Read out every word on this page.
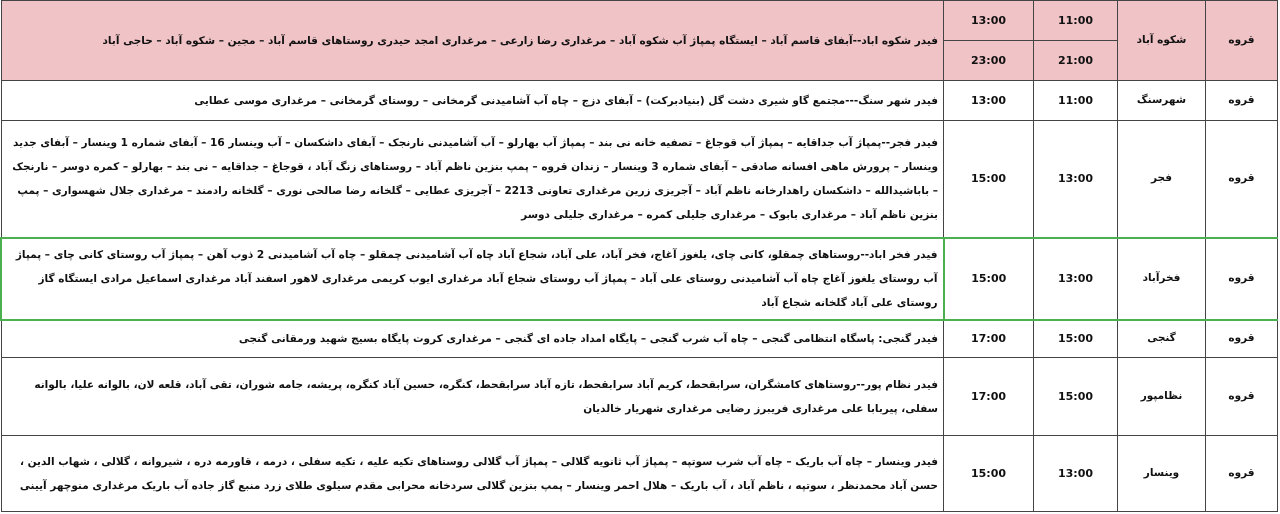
قروه	شکوه آباد	11:00	13:00	فیدر شکوه اباد--آبفای قاسم آباد – ایستگاه پمپاژ آب شکوه آباد – مرغداری رضا زارعی – مرغداری امجد حیدری روستاهای قاسم آباد – مجین – شکوه آباد – حاجی آباد
		21:00	23:00	
قروه	شهرسنگ	11:00	13:00	فیدر شهر سنگ---مجتمع گاو شیری دشت گل (بنیادبرکت) – آبفای دزج – چاه آب آشامیدنی گرمخانی – روستای گرمخانی – مرغداری موسی عطایی
قروه	فجر	13:00	15:00	فیدر فجر--پمپاژ آب جداقایه – پمپاژ آب قوجاغ – تصفیه خانه نی بند – پمپاژ آب بهارلو – آب آشامیدنی نارنجک – آبفای داشکسان – آب وینسار 16 – آبفای شماره 1 وینسار – آبفای جدید وینسار – پرورش ماهی افسانه صادقی – آبفای شماره 3 وینسار – زندان قروه – پمپ بنزین ناظم آباد – روستاهای زنگ آباد ، قوجاغ – جداقایه – نی بند – بهارلو – کمره دوسر – نارنجک – باباشیدالله – داشکسان راهدارخانه ناظم آباد – آجریزی زرین مرغداری تعاونی 2213 – آجریزی عطایی – گلخانه رضا صالحی نوری – گلخانه رادمند – مرغداری جلال شهسواری – پمپ بنزین ناظم آباد – مرغداری بابوک – مرغداری جلیلی کمره – مرغداری جلیلی دوسر
قروه	فخرآباد	13:00	15:00	فیدر فخر اباد--روستاهای چمقلو، کانی چای، یلغوز آغاج، فخر آباد، علی آباد، شجاع آباد چاه آب آشامیدنی چمقلو – چاه آب آشامیدنی 2 ذوب آهن – پمپاژ آب روستای کانی چای – پمپاژ آب روستای یلغوز آغاج چاه آب آشامیدنی روستای علی آباد – پمپاژ آب روستای شجاع آباد مرغداری ایوب کریمی مرغداری لاهور اسفند آباد مرغداری اسماعیل مرادی ایستگاه گاز روستای علی آباد گلخانه شجاع آباد
قروه	گنجی	15:00	17:00	فیدر گنجی: پاسگاه انتظامی گنجی – چاه آب شرب گنجی – پایگاه امداد جاده ای گنجی – مرغداری کروت پایگاه بسیج شهید ورمقانی گنجی
قروه	نظامپور	15:00	17:00	فیدر نظام پور--روستاهای کامشگران، سرابقحط، کریم آباد سرابقحط، تازه آباد سرابقحط، کنگره، حسین آباد کنگره، پریشه، جامه شوران، تقی آباد، قلعه لان، بالوانه علیا، بالوانه سفلی، پیربابا علی مرغداری فریبرز رضایی مرغداری شهریار خالدیان
قروه	وینسار	13:00	15:00	فیدر وینسار – چاه آب باریک – چاه آب شرب سوتپه – پمپاژ آب ثانویه گلالی – پمپاژ آب گلالی روستاهای تکیه علیه ، تکیه سفلی ، درمه ، قاورمه دره ، شیروانه ، گلالی ، شهاب الدین ، حسن آباد محمدنظر ، سوتپه ، ناظم آباد ، آب باریک – هلال احمر وینسار – پمپ بنزین گلالی سردخانه محرابی مقدم سیلوی طلای زرد منبع گاز جاده آب باریک مرغداری منوچهر آیینی
